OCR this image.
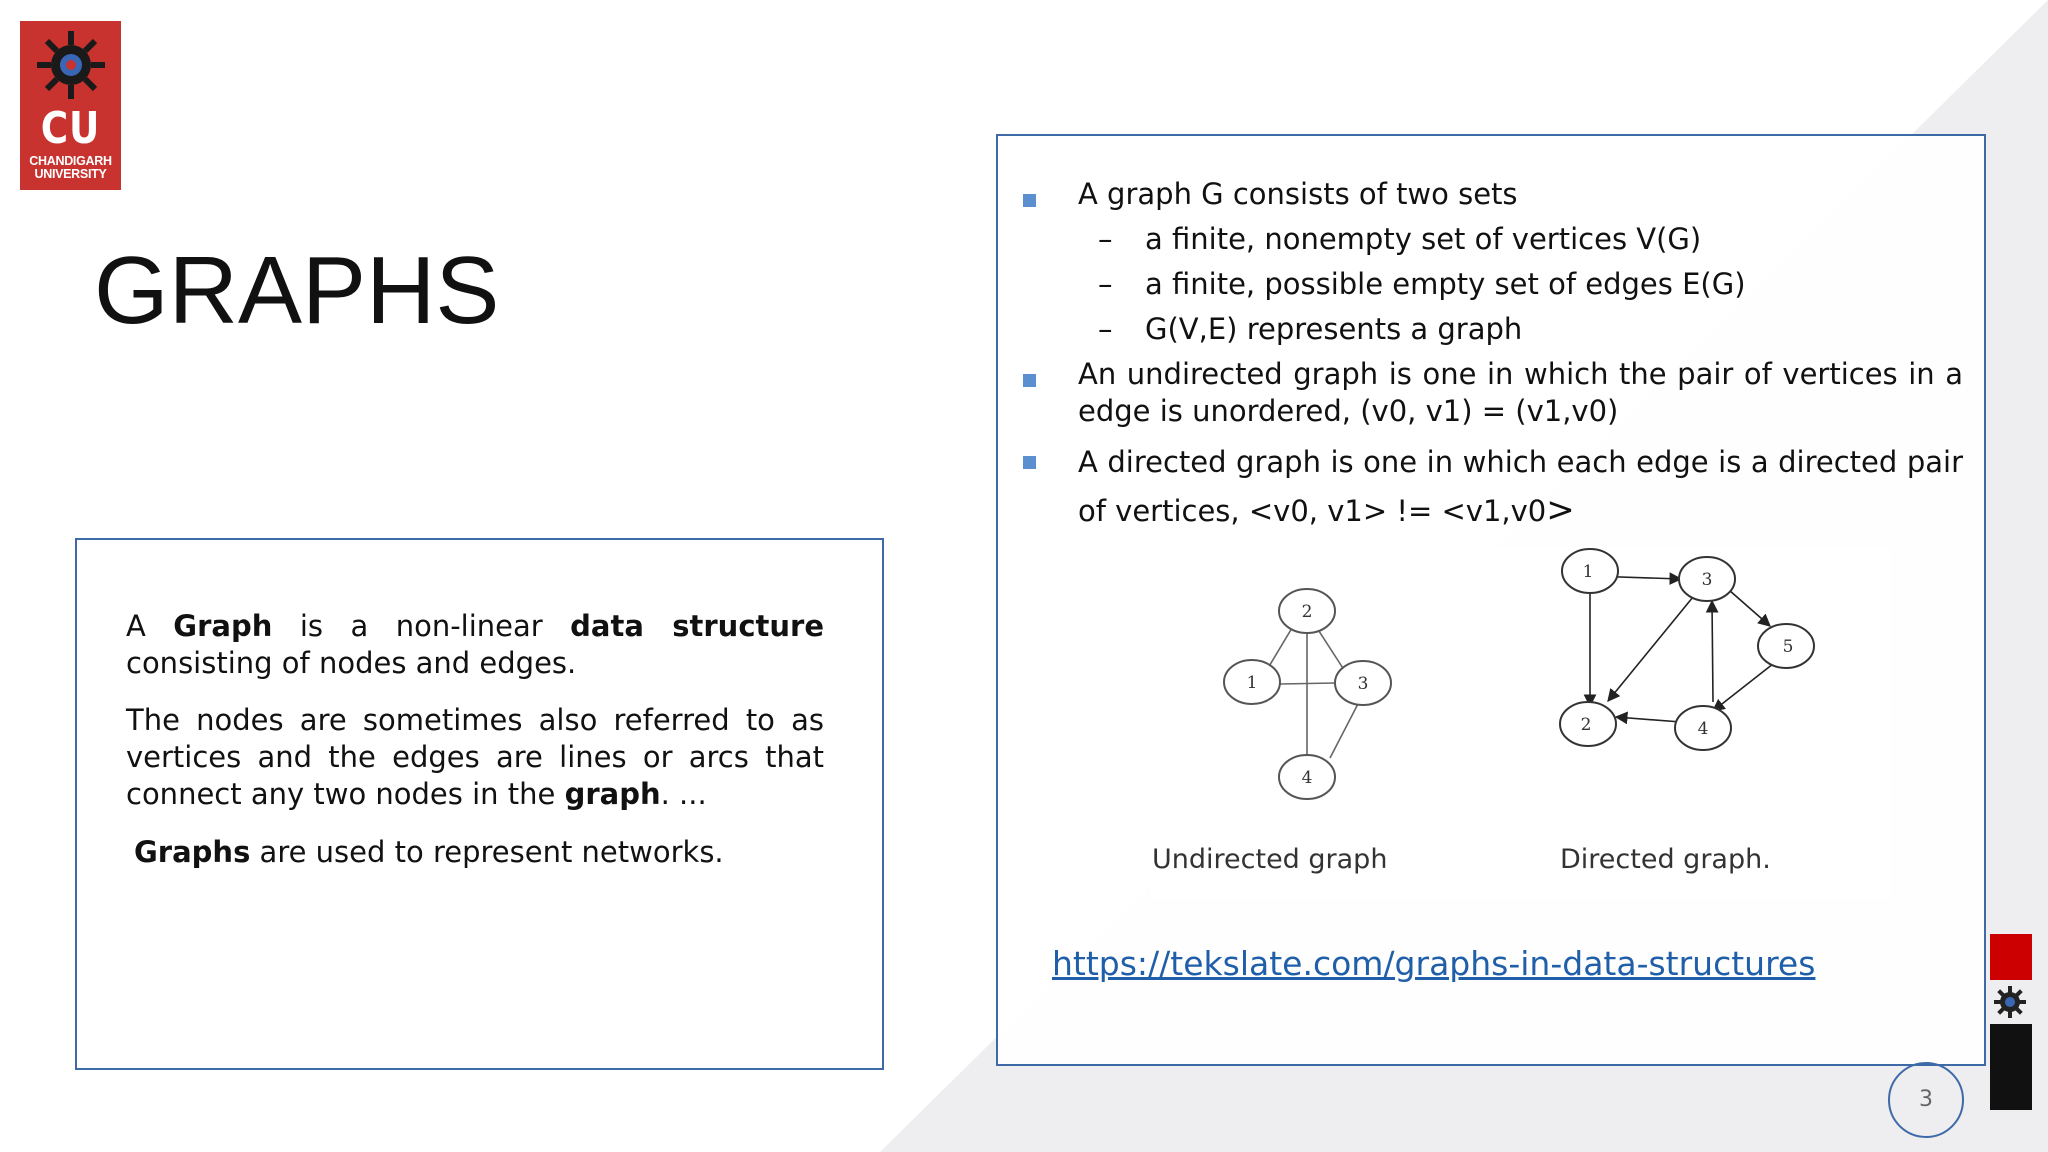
CU
CHANDIGARH
UNIVERSITY
GRAPHS

A Graph is a non-linear data structure consisting of nodes and edges.

The nodes are sometimes also referred to as vertices and the edges are lines or arcs that connect any two nodes in the graph. ...

Graphs are used to represent networks.

A graph G consists of two sets

– a finite, nonempty set of vertices V(G)

– a finite, possible empty set of edges E(G)

– G(V,E) represents a graph

An undirected graph is one in which the pair of vertices in a edge is unordered, (v0, v1) = (v1,v0)

A directed graph is one in which each edge is a directed pair of vertices, <v0, v1> != <v1,v0>

2
1	3
4
1	3
5
2	4
Undirected graph	Directed graph.
https://tekslate.com/graphs-in-data-structures
3
